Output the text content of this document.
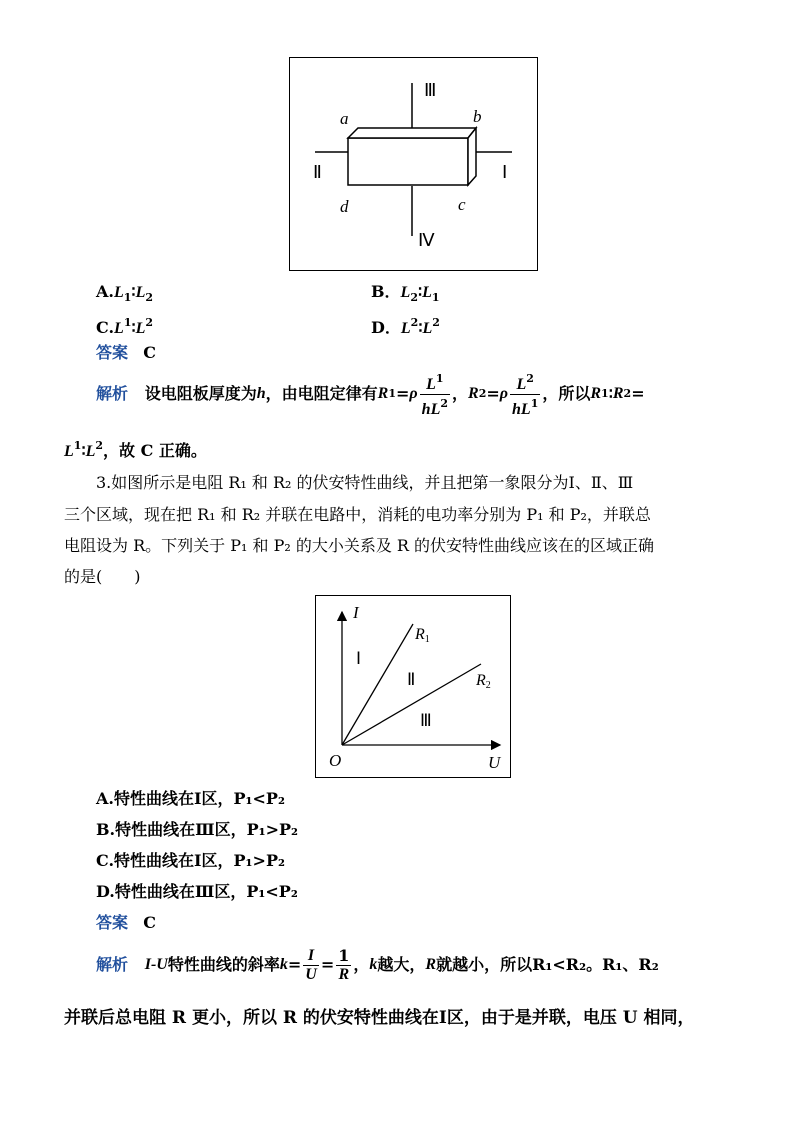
Ⅲ
Ⅳ
Ⅱ	Ⅰ
a	b
c
d
$A.L_1∶L_2$	B．$L_2∶L_1$
$C.L^1∶L^2$	D．$L^2∶L^2$
答案 C
解析
设电阻板厚度为 h ，由电阻定律有 R 1 = ρ $\frac{L^1}{hL^2}$ ， R 2 = ρ $\frac{L^2}{hL^1}$ ，所以 R 1 ∶ R 2 =
$L^1∶L^2$，故 C 正确。
3.如图所示是电阻 R₁ 和 R₂ 的伏安特性曲线，并且把第一象限分为Ⅰ、Ⅱ、Ⅲ
三个区域，现在把 R₁ 和 R₂ 并联在电路中，消耗的电功率分别为 P₁ 和 P₂，并联总
电阻设为 R。下列关于 P₁ 和 P₂ 的大小关系及 R 的伏安特性曲线应该在的区域正确
的是(　　)
I
U
O
R1
R2
Ⅰ
Ⅱ
Ⅲ
A.特性曲线在Ⅰ区，P₁<P₂
B.特性曲线在Ⅲ区，P₁>P₂
C.特性曲线在Ⅰ区，P₁>P₂
D.特性曲线在Ⅲ区，P₁<P₂
答案 C
解析
I-U 特性曲线的斜率 $k = \frac{I}{U} = \frac{1}{R}$ ， k 越大， R 就越小，所以 R₁<R₂。R₁、R₂
并联后总电阻 R 更小，所以 R 的伏安特性曲线在Ⅰ区，由于是并联，电压 U 相同，
